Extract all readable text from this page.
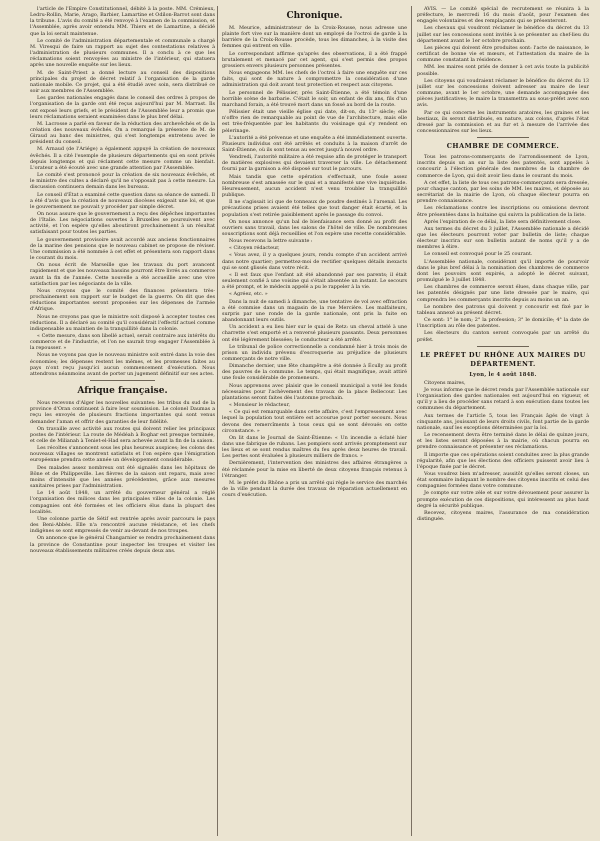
l'article de l'Empire Constitutionnel, débité à la poste. MM. Crémieux, Ledru-Rollin, Marie, Arago, Barbier, Lamartine et Odilon-Barrot sont dans la tribune. L'avis du comité a été renvoyé à l'examen de la commission, et l'Assemblée, après avoir entendu MM. Thiers et de Lamartine, a décidé que la loi serait maintenue.

Le comité de l'administration départementale et communale a chargé M. Viresqui de faire un rapport au sujet des contestations relatives à l'administration de plusieurs communes. Il a conclu à ce que les réclamations soient renvoyées au ministre de l'intérieur, qui statuera après une nouvelle enquête sur les lieux.

M. de Saint-Priest a donné lecture au conseil des dispositions principales du projet de décret relatif à l'organisation de la garde nationale mobile. Ce projet, qui a été étudié avec soin, sera distribué ce soir aux membres de l'Assemblée.

Les gardes nationales engagés dans le conseil des ordres à propos de l'organisation de la garde ont été reçus aujourd'hui par M. Marrast. Ils ont exposé leurs griefs, et le président de l'Assemblée leur a promis que leurs réclamations seraient examinées dans le plus bref délai.

M. Lacrosse a parlé en faveur de la réduction des archevêchés et de la création des nouveaux évêchés. On a remarqué la présence de M. de Giraud au banc des ministres, qui s'est longtemps entretenu avec le président du conseil.

M. Arnaud (de l'Ariége) a également appuyé la création de nouveaux évêchés. Il a cité l'exemple de plusieurs départements qui en sont privés depuis longtemps et qui réclament cette mesure comme un bienfait. L'orateur a été écouté avec une grande attention par l'Assemblée.

Le comité s'est prononcé pour la création de six nouveaux évêchés, et le ministre des cultes a déclaré qu'il ne s'opposait pas à cette mesure. La discussion continuera demain dans les bureaux.

Le conseil d'État a examiné cette question dans sa séance de samedi. Il a été d'avis que la création de nouveaux diocèses exigeait une loi, et que le gouvernement ne pouvait y procéder par simple décret.

On nous assure que le gouvernement a reçu des dépêches importantes de l'Italie. Les négociations ouvertes à Bruxelles se poursuivent avec activité, et l'on espère qu'elles aboutiront prochainement à un résultat satisfaisant pour toutes les parties.

Le gouvernement provisoire avait accordé aux anciens fonctionnaires de la marine des pensions que le nouveau cabinet se propose de réviser. Une commission a été nommée à cet effet et présentera son rapport dans le courant du mois.

On nous écrit de Marseille que les travaux du port avancent rapidement et que les nouveaux bassins pourront être livrés au commerce avant la fin de l'année. Cette nouvelle a été accueillie avec une vive satisfaction par les négociants de la ville.

Nous croyons que le comité des finances présentera très-prochainement son rapport sur le budget de la guerre. On dit que des réductions importantes seront proposées sur les dépenses de l'armée d'Afrique.

Nous ne croyons pas que le ministre soit disposé à accepter toutes ces réductions. Il a déclaré au comité qu'il considérait l'effectif actuel comme indispensable au maintien de la tranquillité dans la colonie.

« Cette mesure, dans son libellé actuel, serait contraire aux intérêts du commerce et de l'industrie, et l'on ne saurait trop engager l'Assemblée à la repousser. »

Nous ne voyons pas que le nouveau ministre soit entré dans la voie des économies; les dépenses restent les mêmes, et les promesses faites au pays n'ont reçu jusqu'ici aucun commencement d'exécution. Nous attendrons néanmoins avant de porter un jugement définitif sur ses actes.

Afrique française.

Nous recevons d'Alger les nouvelles suivantes: les tribus du sud de la province d'Oran continuent à faire leur soumission. Le colonel Daumas a reçu les envoyés de plusieurs fractions importantes qui sont venus demander l'aman et offrir des garanties de leur fidélité.

On travaille avec activité aux routes qui doivent relier les principaux postes de l'intérieur. La route de Médéah à Boghar est presque terminée, et celle de Milianah à Teniet-el-Had sera achevée avant la fin de la saison.

Les récoltes s'annoncent sous les plus heureux auspices; les colons des nouveaux villages se montrent satisfaits et l'on espère que l'émigration européenne prendra cette année un développement considérable.

Des malades assez nombreux ont été signalés dans les hôpitaux de Bône et de Philippeville. Les fièvres de la saison ont reparu, mais avec moins d'intensité que les années précédentes, grâce aux mesures sanitaires prises par l'administration.

Le 14 août 1848, un arrêté du gouverneur général a réglé l'organisation des milices dans les principales villes de la colonie. Les compagnies ont été formées et les officiers élus dans la plupart des localités.

Une colonne partie de Sétif est rentrée après avoir parcouru le pays des Beni-Abbès. Elle n'a rencontré aucune résistance, et les chefs indigènes se sont empressés de venir au-devant de nos troupes.

On annonce que le général Changarnier se rendra prochainement dans la province de Constantine pour inspecter les troupes et visiter les nouveaux établissements militaires créés depuis deux ans.

Chronique.

M. Meurice, administrateur de la Croix-Rousse, nous adresse une plainte fort vive sur la manière dont un employé de l'octroi de garde à la barrière de la Croix-Rousse procède, tous les dimanches, à la visite des femmes qui entrent en ville.

Le correspondant affirme qu'après des observations, il a été frappé brutalement et menacé par cet agent, qui s'est permis des propos grossiers envers plusieurs personnes présentes.

Nous engageons MM. les chefs de l'octroi à faire une enquête sur ces faits, qui sont de nature à compromettre la considération d'une administration qui doit avant tout protection et respect aux citoyens.

Le personnel de Pélissier, près Saint-Étienne, a été témoin d'une horrible scène de barbarie. C'était le soir, un enfant de dix ans, fils d'un marchand forain, a été trouvé mort dans un fossé au bord de la route.

Pélissier était une vieille église qui date, dit-on, du 13ᵉ siècle; elle n'offre rien de remarquable au point de vue de l'architecture, mais elle est très-fréquentée par les habitants du voisinage qui s'y rendent en pèlerinage.

L'autorité a été prévenue et une enquête a été immédiatement ouverte. Plusieurs individus ont été arrêtés et conduits à la maison d'arrêt de Saint-Étienne, où ils sont tenus au secret jusqu'à nouvel ordre.

Vendredi, l'autorité militaire a été requise afin de protéger le transport de matières explosives qui devaient traverser la ville. Le détachement fourni par la garnison a été disposé sur tout le parcours.

Mais tandis que cette opération s'effectuait, une foule assez nombreuse s'est amassée sur le quai et a manifesté une vive inquiétude. Heureusement, aucun accident n'est venu troubler la tranquillité publique.

Il ne s'agissait ici que de tonneaux de poudre destinés à l'arsenal. Les précautions prises avaient été telles que tout danger était écarté, et la population s'est retirée paisiblement après le passage du convoi.

On nous annonce qu'un bal de bienfaisance sera donné au profit des ouvriers sans travail, dans les salons de l'hôtel de ville. De nombreuses souscriptions sont déjà recueillies et l'on espère une recette considérable.

Nous recevons la lettre suivante :

« Citoyen rédacteur,

« Vous avez, il y a quelques jours, rendu compte d'un accident arrivé dans notre quartier; permettez-moi de rectifier quelques détails inexacts qui se sont glissés dans votre récit.

« Il est faux que l'enfant ait été abandonné par ses parents; il était seulement confié à une voisine qui s'était absentée un instant. Le secours a été prompt, et le médecin appelé a pu le rappeler à la vie.

« Agréez, etc. »

Dans la nuit de samedi à dimanche, une tentative de vol avec effraction a été commise dans un magasin de la rue Mercière. Les malfaiteurs, surpris par une ronde de la garde nationale, ont pris la fuite en abandonnant leurs outils.

Un accident a eu lieu hier sur le quai de Retz: un cheval attelé à une charrette s'est emporté et a renversé plusieurs passants. Deux personnes ont été légèrement blessées; le conducteur a été arrêté.

Le tribunal de police correctionnelle a condamné hier à trois mois de prison un individu prévenu d'escroquerie au préjudice de plusieurs commerçants de notre ville.

Dimanche dernier, une fête champêtre a été donnée à Écully au profit des pauvres de la commune. Le temps, qui était magnifique, avait attiré une foule considérable de promeneurs.

Nous apprenons avec plaisir que le conseil municipal a voté les fonds nécessaires pour l'achèvement des travaux de la place Bellecour. Les plantations seront faites dès l'automne prochain.

« Monsieur le rédacteur,

« Ce qui est remarquable dans cette affaire, c'est l'empressement avec lequel la population tout entière est accourue pour porter secours. Nous devons des remercîments à tous ceux qui se sont dévoués en cette circonstance. »

On lit dans le Journal de Saint-Étienne: « Un incendie a éclaté hier dans une fabrique de rubans. Les pompiers sont arrivés promptement sur les lieux et se sont rendus maîtres du feu après deux heures de travail. Les pertes sont évaluées à plusieurs milliers de francs. »

Dernièrement, l'intervention des ministres des affaires étrangères a été réclamée pour la mise en liberté de deux citoyens français retenus à l'étranger.

M. le préfet du Rhône a pris un arrêté qui règle le service des marchés de la ville pendant la durée des travaux de réparation actuellement en cours d'exécution.

AVIS. — Le comité spécial de recrutement se réunira à la préfecture, le mercredi 16 du mois d'août, pour l'examen des engagés volontaires et des remplaçants qui se présenteront.

Les chevaux qui voudront réclamer le bénéfice du décret du 13 juillet sur les concessions sont invités à se présenter au chef-lieu du département avant le 1er octobre prochain.

Les pièces qui doivent être produites sont: l'acte de naissance, le certificat de bonne vie et mœurs, et l'attestation du maire de la commune constatant la résidence.

MM. les maires sont priés de donner à cet avis toute la publicité possible.

Les citoyens qui voudraient réclamer le bénéfice du décret du 13 juillet sur les concessions doivent adresser au maire de leur commune, avant le 1er octobre, une demande accompagnée des pièces justificatives; le maire la transmettra au sous-préfet avec son avis.

Par ce qui concerne les instruments aratoires, les graines et les bestiaux, ils seront distribués, en nature, aux colons, d'après l'état dressé par la commission et au fur et à mesure de l'arrivée des concessionnaires sur les lieux.

CHAMBRE DE COMMERCE.

Tous les patrons-commerçants de l'arrondissement de Lyon, inscrits depuis un an sur la liste des patentés, sont appelés à concourir à l'élection générale des membres de la chambre de commerce de Lyon, qui doit avoir lieu dans le courant du mois.

A cet effet, la liste de tous ces patrons-commerçants sera dressée, pour chaque canton, par les soins de MM. les maires, et déposée au secrétariat de la mairie de Lyon, où chaque électeur pourra en prendre connaissance.

Les réclamations contre les inscriptions ou omissions devront être présentées dans la huitaine qui suivra la publication de la liste.

Après l'expiration de ce délai, la liste sera définitivement close.

Aux termes du décret du 3 juillet, l'Assemblée nationale a décidé que les électeurs pourront voter par bulletin de liste; chaque électeur inscrira sur son bulletin autant de noms qu'il y a de membres à élire.

Le conseil est convoqué pour le 25 courant.

L'Assemblée nationale, considérant qu'il importe de pourvoir dans le plus bref délai à la nomination des chambres de commerce dont les pouvoirs sont expirés, a adopté le décret suivant, promulgué le 3 juillet 1848.

Les chambres de commerce seront élues, dans chaque ville, par les patentés désignés par une liste dressée par le maire, qui comprendra les commerçants inscrits depuis au moins un an.

Le nombre des patrons qui doivent y concourir est fixé par le tableau annexé au présent décret.

Ce sont: 1° le nom; 2° la profession; 3° le domicile; 4° la date de l'inscription au rôle des patentes.

Les électeurs du canton seront convoqués par un arrêté du préfet.

LE PRÉFET DU RHÔNE AUX MAIRES DU DÉPARTEMENT.
Lyon, le 4 août 1848.

Citoyens maires,

Je vous informe que le décret rendu par l'Assemblée nationale sur l'organisation des gardes nationales est aujourd'hui en vigueur, et qu'il y a lieu de procéder sans retard à son exécution dans toutes les communes du département.

Aux termes de l'article 5, tous les Français âgés de vingt à cinquante ans, jouissant de leurs droits civils, font partie de la garde nationale, sauf les exceptions déterminées par la loi.

Le recensement devra être terminé dans le délai de quinze jours, et les listes seront déposées à la mairie, où chacun pourra en prendre connaissance et présenter ses réclamations.

Il importe que ces opérations soient conduites avec la plus grande régularité, afin que les élections des officiers puissent avoir lieu à l'époque fixée par le décret.

Vous voudrez bien m'adresser, aussitôt qu'elles seront closes, un état sommaire indiquant le nombre des citoyens inscrits et celui des compagnies formées dans votre commune.

Je compte sur votre zèle et sur votre dévouement pour assurer la prompte exécution de ces dispositions, qui intéressent au plus haut degré la sécurité publique.

Recevez, citoyens maires, l'assurance de ma considération distinguée.
